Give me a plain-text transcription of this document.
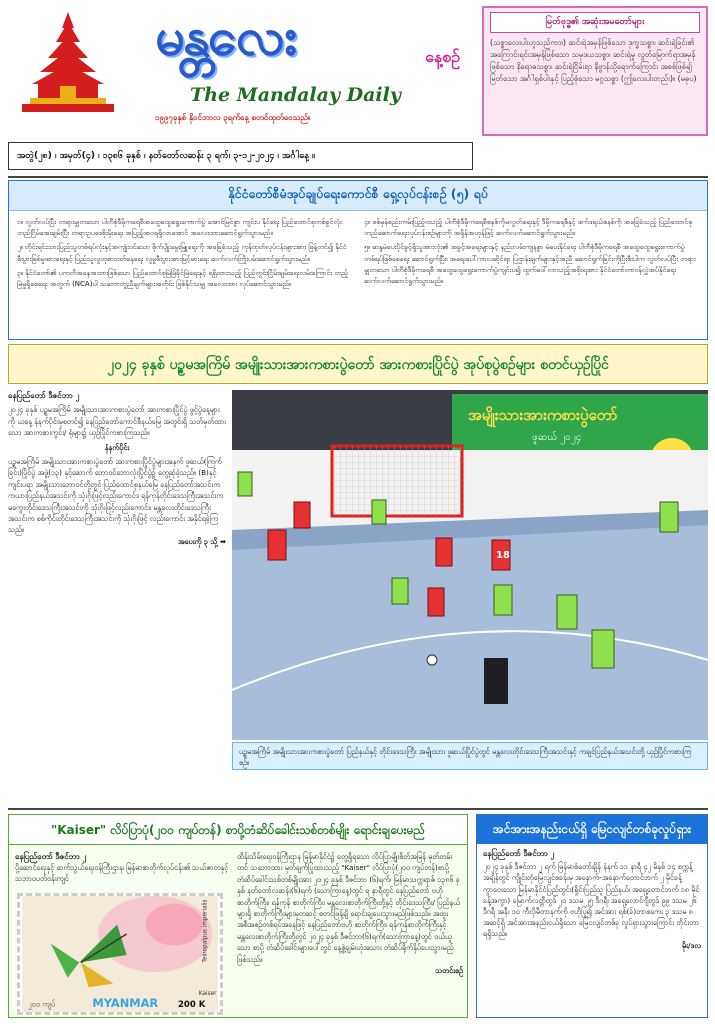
မန္တလေး	နေ့စဉ်
The Mandalay Daily
၁၉၉၇ခုနှစ် နိုဝင်ဘာလ ၃ရက်နေ့ စတင်ထုတ်ဝေသည်။
မြတ်ဗုဒ္ဓ၏ အဆုံးအမတော်များ
(သစ္စာလေးပါးဟူသည်ကား) ဆင်းရဲအမှန်ဖြစ်သော ဒုက္ခသစ္စာ၊ ဆင်းရဲခြင်း၏ အကြောင်းရင်းအမှန်ဖြစ်သော သမုဒယသစ္စာ၊ ဆင်းရဲမှု လွတ်မြောက်ရာအမှန်ဖြစ်သော နိရောဓသစ္စာ၊ ဆင်းရဲငြိမ်းရာ နိဗ္ဗာန်သို့ရောက်ကြောင်း အစစ်ဖြစ်၍ မြတ်သော အင်္ဂါရှစ်ပါးနှင့် ပြည့်စုံသော မဂ္ဂသစ္စာ (ဤလေးပါးတည်း)။ (မဓုပ)
အတွဲ(၂၈) ၊ အမှတ်(၄) ၊ ၁၃၈၆ ခုနှစ် ၊ နတ်တော်လဆန်း ၃ ရက်၊ ၃-၁၂-၂၀၂၄ ၊ အင်္ဂါနေ့ ။
နိုင်ငံတော်စီမံအုပ်ချုပ်ရေးကောင်စီ ရှေ့လုပ်ငန်းစဉ် (၅) ရပ်

၁။ လွတ်လပ်ပြီး တရားမျှတသော ပါတီစုံဒီမိုကရေစီအထွေထွေရွေးကောက်ပွဲ အောင်မြင်စွာ ကျင်းပ နိုင်ရေး ပြည်ထောင်စုတစ်ခွင်လုံး တည်ငြိမ်အေးချမ်းပြီး တရားဥပဒေစိုးမိုးရေး အပြည့်အဝရရှိလာအောင် အလေးထားဆောင်ရွက်သွားမည်။

၂။ တိုင်းရင်းသားပြည်သူတစ်ရပ်လုံးနှင့်အကျုံးဝင်သော စိုက်ပျိုးမွေးမြူရေးကို အခြေခံသည့် ကုန်ထုတ်လုပ်ငန်းများအား ဖြန့်တင်၍ နိုင်ငံစီးပွားဖြစ်မှုအားရေးနှင့် ပြည်သူလူထုစားဝတ်နေရေး လူမှုစီးပွားအားမြင့်မားရေး ဆက်လက်ကြိုးပမ်းဆောင်ရွက်သွားမည်။

၃။ နိုင်ငံတော်၏ ပကတိအနေအထားဖြစ်သော ပြည်ထောင်စုမြဲမြံခိုင်မြဲရေးနှင့် ရရှိထားသည့် ပြည်တွင်းငြိမ်းချမ်းရေးလမ်းကြောင်း တည့်မြဲမှုရှိစေရေး အတွက် (NCA)ပါ သဘောတူညီချက်များအတိုင်း ဖြစ်နိုင်သမျှ အလေးထား လုပ်ဆောင်သွားမည်။

၄။ စစ်မှန်စည်းကမ်းပြည့်ဝသည့် ပါတီစုံဒီမိုကရေစီစနစ်ကိုမလွတ်ရေးနှင့် ဒီမိုကရေစီနှင့် ဖက်ဒရယ်စနစ်ကို အခြေခံသည့် ပြည်ထောင်စုတည်ဆောက်ရေးလုပ်ငန်းစဉ်များကို အရှိန်အဟုန်ဖြင့် ဆက်လက်ဆောင်ရွက်သွားမည်။

၅။ ဆန္ဒမဲပေးပိုင်ခွင့်ရှိသူအားလုံး၏ အခွင့်အရေးများနှင့် နည်းလမ်းကျနစွာ မဲပေးနိုင်ရေး ပါတီစုံဒီမိုကရေစီ အထွေထွေရွေးကောက်ပွဲတစ်ရပ်ဖြစ်စေရေး ဆောင်ရွက်ပြီး၊ အရေးပေါ်ကာလဆိုင်ရာ ပြဌာန်းချက်များနှင့်အညီ ဆောင်ရွက်ခြင်းကိုပြီးစီးပါက လွတ်လပ်ပြီး တရားမျှတသော ပါတီစုံဒီမိုကရေစီ အထွေထွေရွေးကောက်ပွဲကျင်းပ၍ ထွက်ပေါ်လာသည့်အစိုးရအား နိုင်ငံတော်တာဝန်လွှဲအပ်နိုင်ရေး ဆက်လက်ဆောင်ရွက်သွားမည်။

၂၀၂၄ ခုနှစ် ပဉ္စမအကြိမ် အမျိုးသားအားကစားပွဲတော် အားကစားပြိုင်ပွဲ အုပ်စုပွဲစဉ်များ စတင်ယှဉ်ပြိုင်
နေပြည်တော် ဒီဇင်ဘာ ၂

၂၀၂၄ ခုနှစ် ပဉ္စမအကြိမ် အမျိုးသားအားကစားပွဲတော် အားကစားပြိုင်ပွဲ ဖွင့်ပွဲနေ့များကို ယနေ့ နံနက်ပိုင်းမှစတင်၍ နေပြည်တော်ကောင်စီနယ်မြေ အတွင်းရှိ သတ်မှတ်ထားသော အားကစားကွင်း/ ရုံများ၌ ယှဉ်ပြိုင်ကစားကြသည်။

နံနက်ပိုင်း

ပဉ္စမအကြိမ် အမျိုးသားအားကစားပွဲတော် အားကစားပြိုင်ပွဲများအနက် ဖူဆယ်(ကြက်ခြင်း)ပြိုင်ပွဲ အဖွဲ့(၁၃) နှင့်ဆောက် ဘောဝင်ဘောလုံးပြိုင်ပွဲ၌ တွေ့ဆုံခဲ့သည်။ (B)နှင့် ကျင်းပရာ အမျိုးသားဘောဝင်တို့တွင် ပြည်ထောင်စုနယ်မြေ နေပြည်တော်အသင်းက ကယားပြည်နယ်အသင်းကို သုံးဂိုးဖြင့်လည်းကောင်း၊ ရန်ကုန်တိုင်းဒေသကြီးအသင်းက မကွေးတိုင်းဒေသကြီးအသင်းကို သုံးဂိုးဖြင့်လည်းကောင်း၊ မန္တလေးတိုင်းဒေသကြီးအသင်းက စစ်ကိုင်းတိုင်းဒေသကြီးအသင်းကို သုံးဂိုးဖြင့် လည်းကောင်း အနိုင်ရခဲ့ကြသည်။

အပေးကို ၃ သို့ ➡
အမျိုးသားအားကစားပွဲတော်
ဖူဆယ် ၂၀၂၄
18
ပဉ္စမအကြိမ် အမျိုးသားအားကစားပွဲတော် ပြည်နယ်နှင့် တိုင်းဒေသကြီး အမျိုးသား ဖူဆယ်ပြိုင်ပွဲတွင် မန္တလေးတိုင်းဒေသကြီးအသင်းနှင့် ကချင်ပြည်နယ်အသင်းတို့ ယှဉ်ပြိုင်ကစားကြစဉ်။
"Kaiser" လိပ်ပြာပုံ(၂၀၀ ကျပ်တန်) စာပို့တံဆိပ်ခေါင်းသစ်တစ်မျိုး ရောင်းချပေးမည်
နေပြည်တော် ဒီဇင်ဘာ ၂

ပို့ဆောင်ရေးနှင့် ဆက်သွယ်ရေးဝန်ကြီးဌာန၊ မြန်မာစာတိုက်လုပ်ငန်း၏ သယ်ဇာတနှင့် သဘာဝပတ်ဝန်းကျင်

Teinopalpus imperialis
Kaiser
၂၀၀ ကျပ်	MYANMAR 200 K

ထိန်းသိမ်းရေးဝန်ကြီးဌာန မြန်မာနိုင်ငံ၌ တွေ့ရှိရသော လိပ်ပြာမျိုးစိတ်အမြန် မှတ်တမ်းတင် သဘောထား မှတ်ချက်ပြုထားသည့် "Kaiser" လိပ်ပြာပုံ(၂၀၀ ကျပ်တန်)စာပို့ တံဆိပ်ခေါင်းသစ်တစ်မျိုးအား ၂၀၂၄ ခုနှစ် ဒီဇင်ဘာ (၆)ရက်၊ မြန်မာသက္ကရာဇ် ၁၃၈၆ ခုနှစ် နတ်တော်လဆန်း(၆)ရက် (သောကြာနေ့)တွင် ရ နာရီတွင် နေပြည်တော် ဗဟိုစာတိုက်ကြီး၊ ရန်ကုန် စာတိုက်ကြီး၊ မန္တလေးစာတိုက်ကြီးတို့နှင့် တိုင်းဒေသကြီး/ ပြည်နယ်များရှိ စာတိုက်ကြီးများမှတဆင့် စတင်ဖြန့်ချိ ရောင်းချပေးသွားမည်ဖြစ်သည်။ အထူးအစီအစဉ်တစ်ရပ်အနေဖြင့် နေပြည်တော်ဗဟို စာတိုက်ကြီး၊ ရန်ကုန်စာတိုက်ကြီးနှင့် မန္တလေးစာတိုက်ကြီးတို့တွင် ၂၀၂၄ ခုနှစ် ဒီဇင်ဘာ(၆)ရက်(သောကြာနေ့)တွင် ဝယ်ယူသော စာပို့ တံဆိပ်ခေါင်းများပေါ်တွင် နေ့စွဲ့ချမ်းဟုံအသား တံဆိပ်ရိုက်နှိပ်ပေးသွားမည်ဖြစ်သည်။

သတင်းစဉ်
အင်အားအနည်းငယ်ရှိ မြေငလျင်တစ်ခုလှုပ်ရှား
နေပြည်တော် ဒီဇင်ဘာ ၂

၂၀၂၄ ခုနှစ် ဒီဇင်ဘာ ၂ ရက် မြန်မာစံတော်ချိန် နံနက် ၁၁ နာရီ ၄၂ မိနစ် ၁၄ စက္ကန့်အချိန်တွင် ကျိုင်းတုံမြေလျင်စခန်းမှ အနောက်-အနောက်တောင်ဘက် ၂ မိုင်ခန့် ကွာဝေးသော မြန်မာနိုင်ငံပြည်တွင်း(ရှိုင်းပြည်သူ ပြည်နယ်၊ အရှေ့တောင်ဘက် ၁၈ မိုင်ခန့်အကွာ) မြောက်လတ္တီတွဒ် ၂၀ ဒသမ ၂၅ ဒီဂရီ၊ အရှေ့လောင်ဂျီတွဒ် ၉၉ ဒသမ ၂၆ ဒီဂရီ အနီး ၁၀ ကီလိုမီတာနက်ကို ဗဟိုပြု၍ အင်အား ရစ်(ခ်)တာစကေး ၃ ဒသမ ၈ အဆင့်ရှိ အင်အားအနည်းငယ်ရှိသော မြေငလျင်တစ်ခု လှုပ်ရှားသွားကြောင်း တိုင်းတာရရှိသည်။

မိုး/ဒလ
